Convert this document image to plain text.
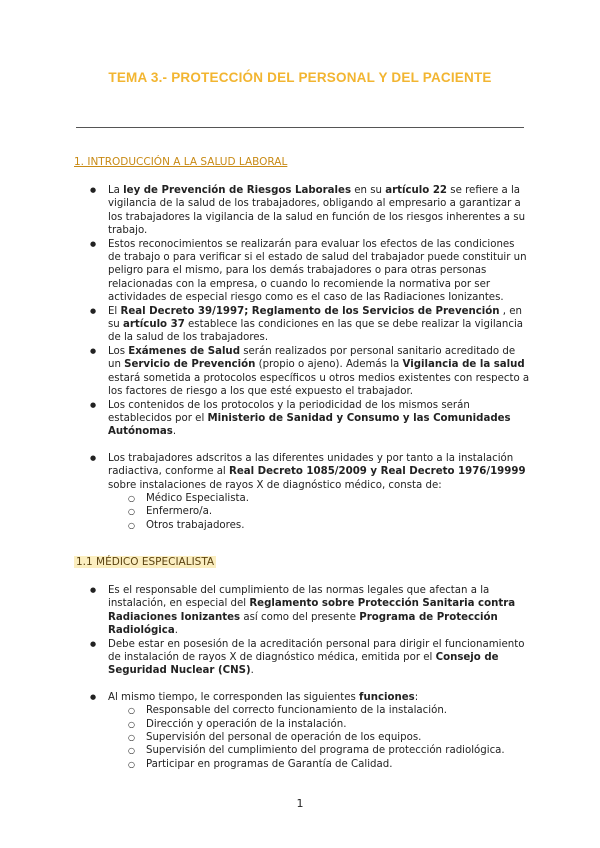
TEMA 3.- PROTECCIÓN DEL PERSONAL Y DEL PACIENTE
1. INTRODUCCIÓN A LA SALUD LABORAL
● La ley de Prevención de Riesgos Laborales en su artículo 22 se refiere a la vigilancia de la salud de los trabajadores, obligando al empresario a garantizar a los trabajadores la vigilancia de la salud en función de los riesgos inherentes a su trabajo.
● Estos reconocimientos se realizarán para evaluar los efectos de las condiciones de trabajo o para verificar si el estado de salud del trabajador puede constituir un peligro para el mismo, para los demás trabajadores o para otras personas relacionadas con la empresa, o cuando lo recomiende la normativa por ser actividades de especial riesgo como es el caso de las Radiaciones Ionizantes.
● El Real Decreto 39/1997; Reglamento de los Servicios de Prevención , en su artículo 37 establece las condiciones en las que se debe realizar la vigilancia de la salud de los trabajadores.
● Los Exámenes de Salud serán realizados por personal sanitario acreditado de un Servicio de Prevención (propio o ajeno). Además la Vigilancia de la salud estará sometida a protocolos específicos u otros medios existentes con respecto a los factores de riesgo a los que esté expuesto el trabajador.
● Los contenidos de los protocolos y la periodicidad de los mismos serán establecidos por el Ministerio de Sanidad y Consumo y las Comunidades Autónomas.
● Los trabajadores adscritos a las diferentes unidades y por tanto a la instalación radiactiva, conforme al Real Decreto 1085/2009 y Real Decreto 1976/19999 sobre instalaciones de rayos X de diagnóstico médico, consta de:
○ Médico Especialista.
○ Enfermero/a.
○ Otros trabajadores.
1.1 MÉDICO ESPECIALISTA
● Es el responsable del cumplimiento de las normas legales que afectan a la instalación, en especial del Reglamento sobre Protección Sanitaria contra Radiaciones Ionizantes así como del presente Programa de Protección Radiológica.
● Debe estar en posesión de la acreditación personal para dirigir el funcionamiento de instalación de rayos X de diagnóstico médica, emitida por el Consejo de Seguridad Nuclear (CNS).
● Al mismo tiempo, le corresponden las siguientes funciones:
○ Responsable del correcto funcionamiento de la instalación.
○ Dirección y operación de la instalación.
○ Supervisión del personal de operación de los equipos.
○ Supervisión del cumplimiento del programa de protección radiológica.
○ Participar en programas de Garantía de Calidad.
1
